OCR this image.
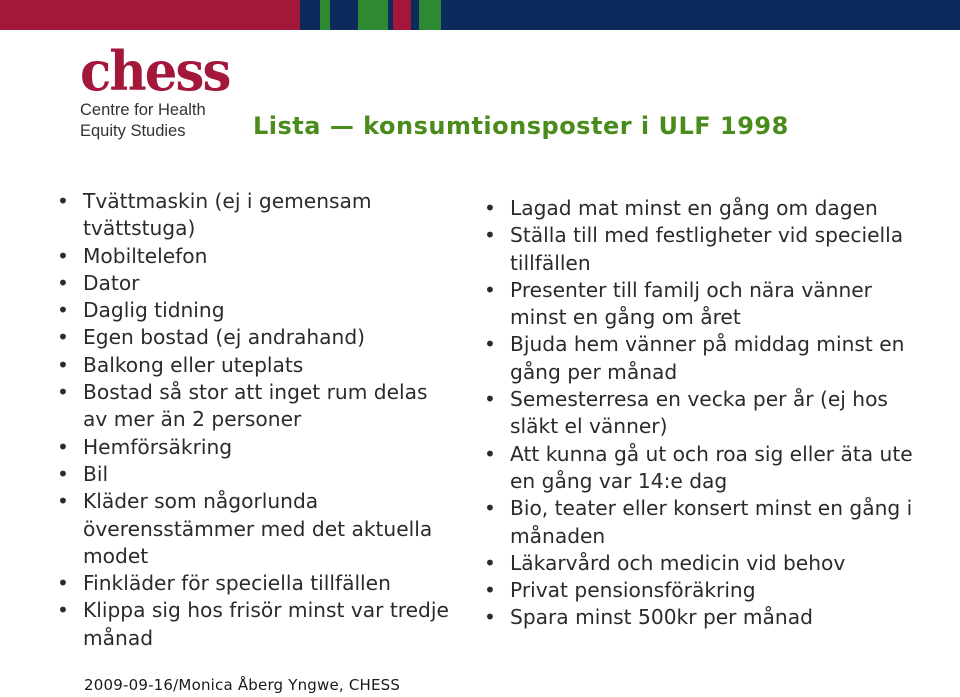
chess
Centre for Health
Equity Studies	Lista — konsumtionsposter i ULF 1998
• Tvättmaskin (ej i gemensam tvättstuga)
• Mobiltelefon
• Dator
• Daglig tidning
• Egen bostad (ej andrahand)
• Balkong eller uteplats
• Bostad så stor att inget rum delas av mer än 2 personer
• Hemförsäkring
• Bil
• Kläder som någorlunda överensstämmer med det aktuella modet
• Finkläder för speciella tillfällen
• Klippa sig hos frisör minst var tredje månad
• Lagad mat minst en gång om dagen
• Ställa till med festligheter vid speciella tillfällen
• Presenter till familj och nära vänner minst en gång om året
• Bjuda hem vänner på middag minst en gång per månad
• Semesterresa en vecka per år (ej hos släkt el vänner)
• Att kunna gå ut och roa sig eller äta ute en gång var 14:e dag
• Bio, teater eller konsert minst en gång i månaden
• Läkarvård och medicin vid behov
• Privat pensionsföräkring
• Spara minst 500kr per månad
2009-09-16/Monica Åberg Yngwe, CHESS
